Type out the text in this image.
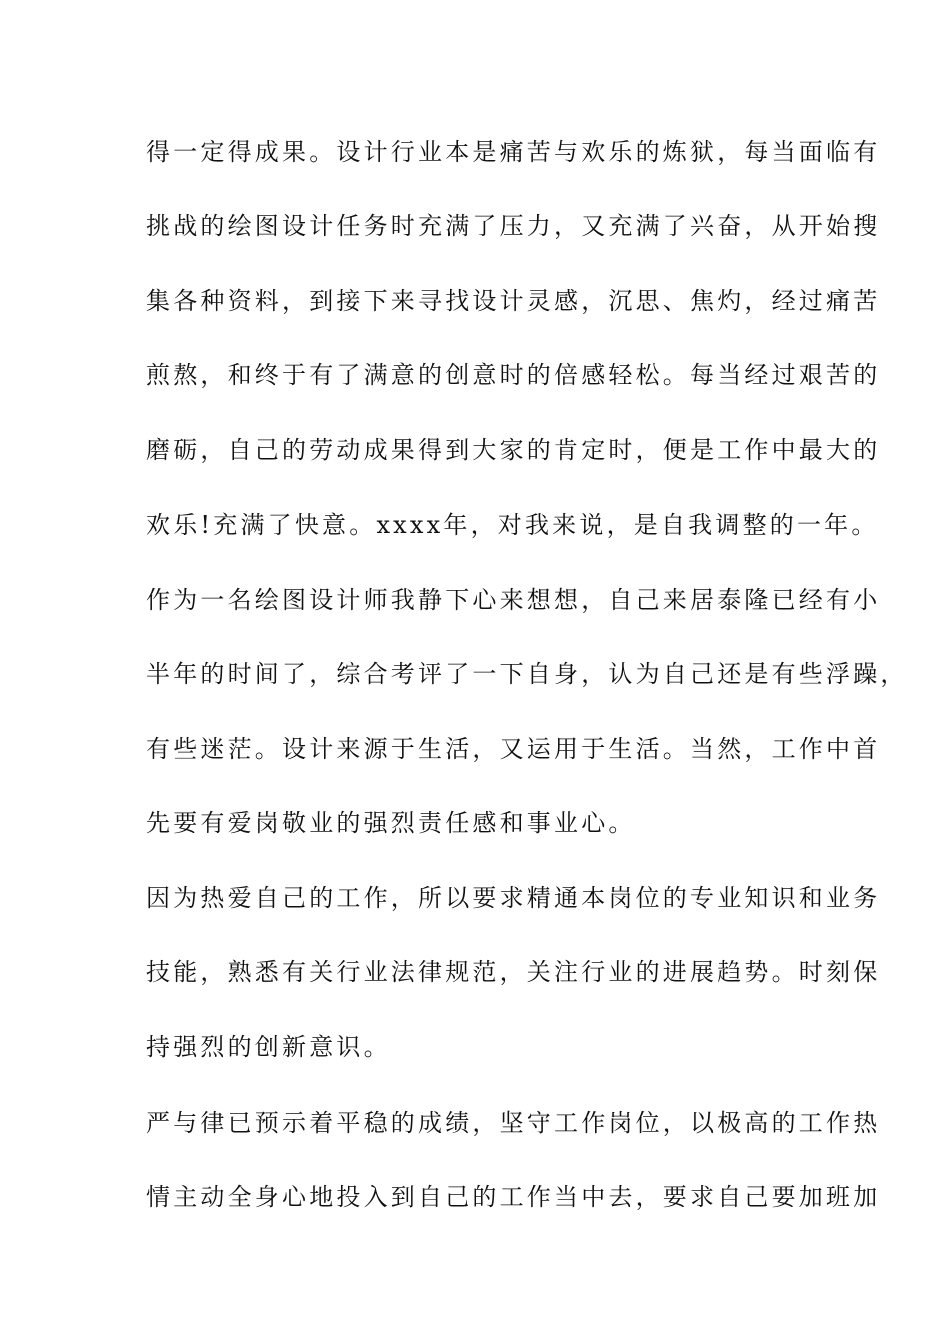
得一定得成果。设计行业本是痛苦与欢乐的炼狱，每当面临有
挑战的绘图设计任务时充满了压力，又充满了兴奋，从开始搜
集各种资料，到接下来寻找设计灵感，沉思、焦灼，经过痛苦
煎熬，和终于有了满意的创意时的倍感轻松。每当经过艰苦的
磨砺，自己的劳动成果得到大家的肯定时，便是工作中最大的
欢乐!充满了快意。xxxx年，对我来说，是自我调整的一年。
作为一名绘图设计师我静下心来想想，自己来居泰隆已经有小
半年的时间了，综合考评了一下自身，认为自己还是有些浮躁，
有些迷茫。设计来源于生活，又运用于生活。当然，工作中首
先要有爱岗敬业的强烈责任感和事业心。
因为热爱自己的工作，所以要求精通本岗位的专业知识和业务
技能，熟悉有关行业法律规范，关注行业的进展趋势。时刻保
持强烈的创新意识。
严与律已预示着平稳的成绩，坚守工作岗位，以极高的工作热
情主动全身心地投入到自己的工作当中去，要求自己要加班加
